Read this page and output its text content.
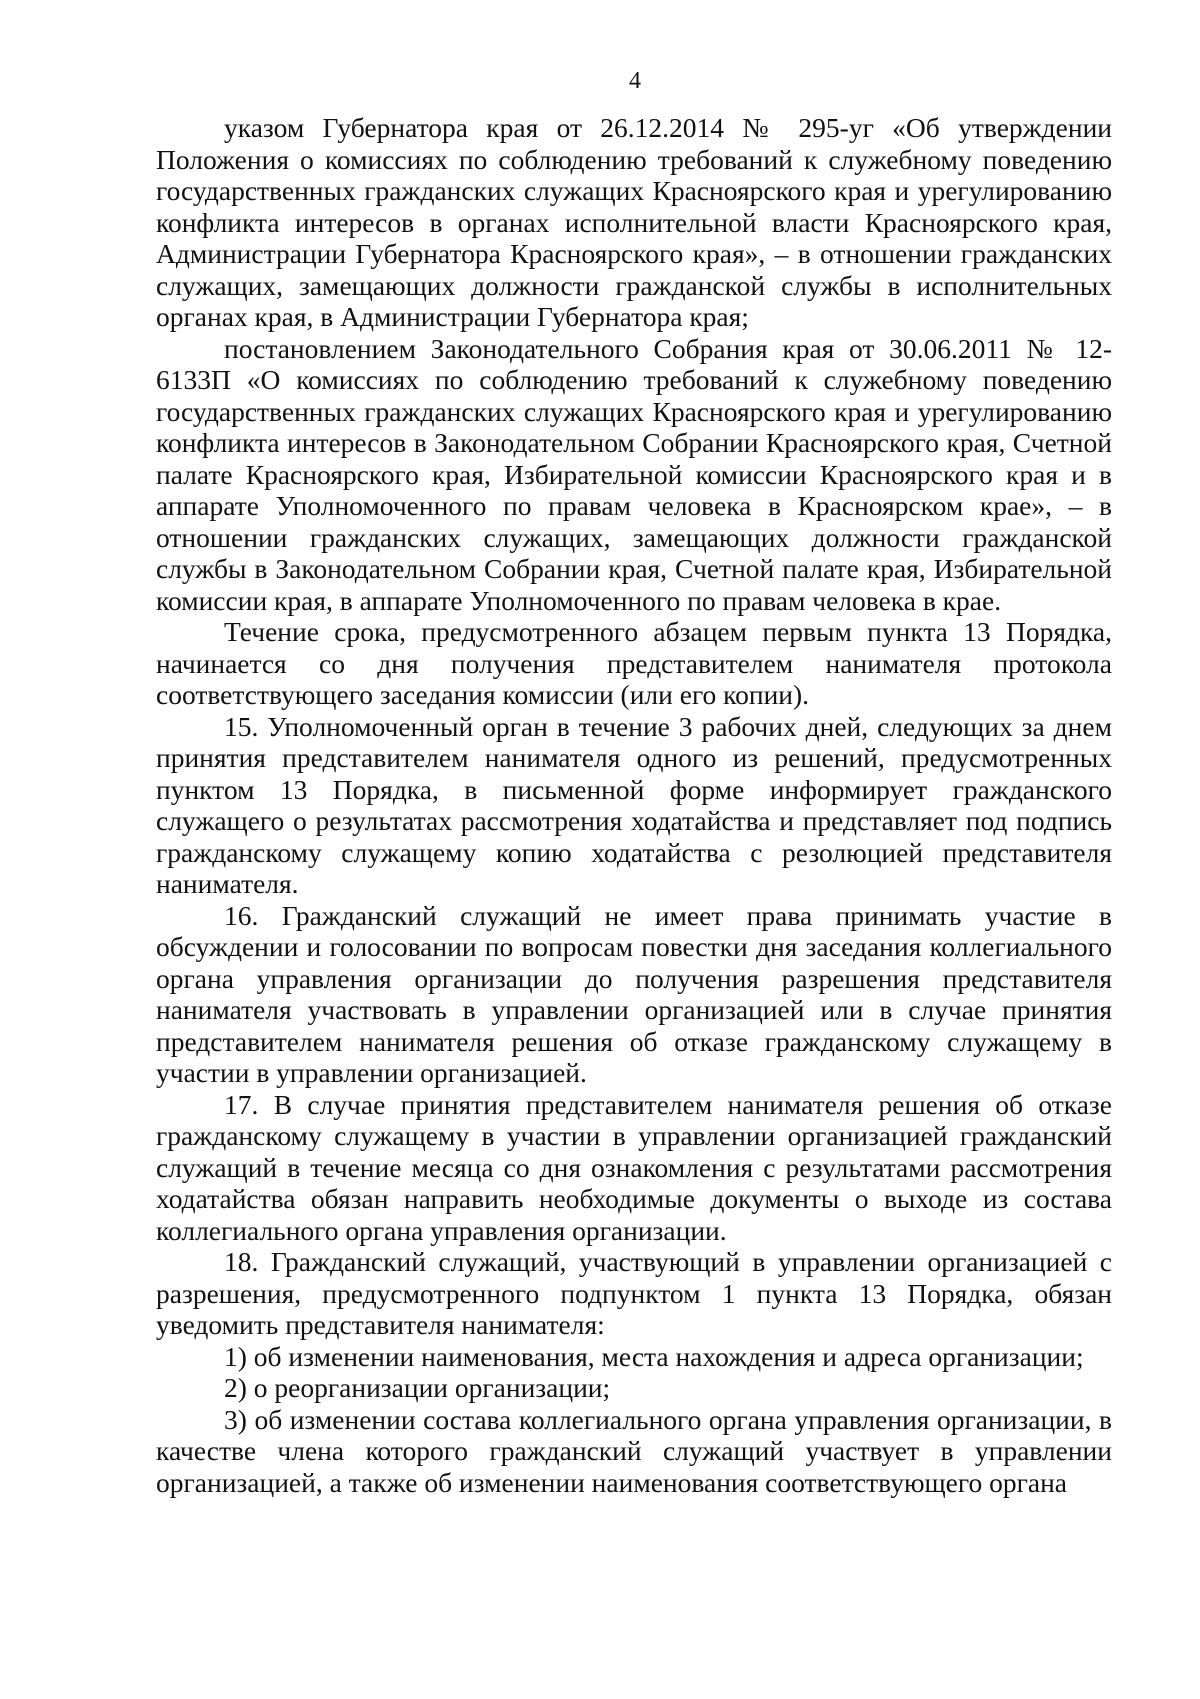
4

указом Губернатора края от 26.12.2014 № 295-уг «Об утверждении Положения о комиссиях по соблюдению требований к служебному поведению государственных гражданских служащих Красноярского края и урегулированию конфликта интересов в органах исполнительной власти Красноярского края, Администрации Губернатора Красноярского края», – в отношении гражданских служащих, замещающих должности гражданской службы в исполнительных органах края, в Администрации Губернатора края;

постановлением Законодательного Собрания края от 30.06.2011 № 12-6133П «О комиссиях по соблюдению требований к служебному поведению государственных гражданских служащих Красноярского края и урегулированию конфликта интересов в Законодательном Собрании Красноярского края, Счетной палате Красноярского края, Избирательной комиссии Красноярского края и в аппарате Уполномоченного по правам человека в Красноярском крае», – в отношении гражданских служащих, замещающих должности гражданской службы в Законодательном Собрании края, Счетной палате края, Избирательной комиссии края, в аппарате Уполномоченного по правам человека в крае.

Течение срока, предусмотренного абзацем первым пункта 13 Порядка, начинается со дня получения представителем нанимателя протокола соответствующего заседания комиссии (или его копии).

15. Уполномоченный орган в течение 3 рабочих дней, следующих за днем принятия представителем нанимателя одного из решений, предусмотренных пунктом 13 Порядка, в письменной форме информирует гражданского служащего о результатах рассмотрения ходатайства и представляет под подпись гражданскому служащему копию ходатайства с резолюцией представителя нанимателя.

16. Гражданский служащий не имеет права принимать участие в обсуждении и голосовании по вопросам повестки дня заседания коллегиального органа управления организации до получения разрешения представителя нанимателя участвовать в управлении организацией или в случае принятия представителем нанимателя решения об отказе гражданскому служащему в участии в управлении организацией.

17. В случае принятия представителем нанимателя решения об отказе гражданскому служащему в участии в управлении организацией гражданский служащий в течение месяца со дня ознакомления с результатами рассмотрения ходатайства обязан направить необходимые документы о выходе из состава коллегиального органа управления организации.

18. Гражданский служащий, участвующий в управлении организацией с разрешения, предусмотренного подпунктом 1 пункта 13 Порядка, обязан уведомить представителя нанимателя:

1) об изменении наименования, места нахождения и адреса организации;

2) о реорганизации организации;

3) об изменении состава коллегиального органа управления организации, в качестве члена которого гражданский служащий участвует в управлении организацией, а также об изменении наименования соответствующего органа
